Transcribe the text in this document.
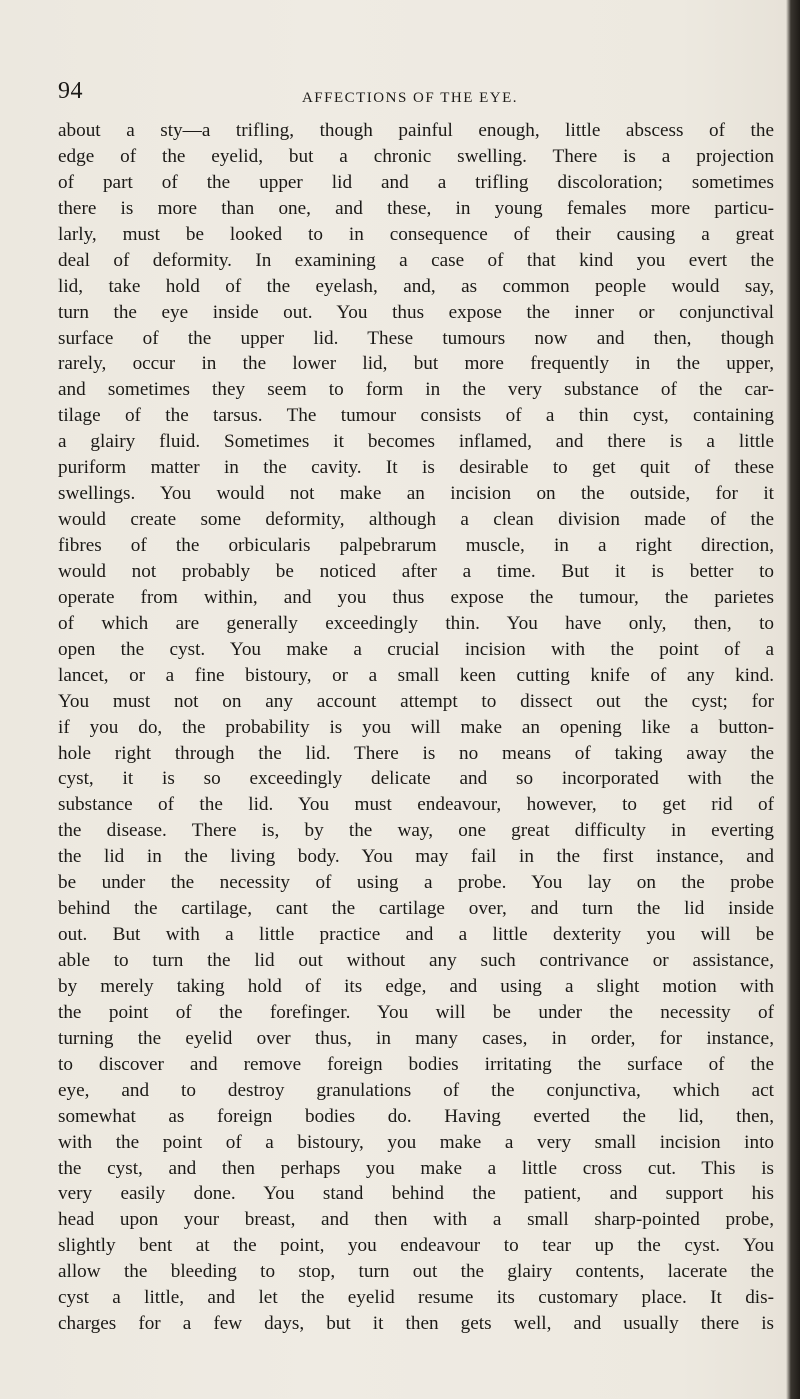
94	AFFECTIONS OF THE EYE.
about a sty—a trifling, though painful enough, little abscess of the
edge of the eyelid, but a chronic swelling. There is a projection
of part of the upper lid and a trifling discoloration; sometimes
there is more than one, and these, in young females more particu-
larly, must be looked to in consequence of their causing a great
deal of deformity. In examining a case of that kind you evert the
lid, take hold of the eyelash, and, as common people would say,
turn the eye inside out. You thus expose the inner or conjunctival
surface of the upper lid. These tumours now and then, though
rarely, occur in the lower lid, but more frequently in the upper,
and sometimes they seem to form in the very substance of the car-
tilage of the tarsus. The tumour consists of a thin cyst, containing
a glairy fluid. Sometimes it becomes inflamed, and there is a little
puriform matter in the cavity. It is desirable to get quit of these
swellings. You would not make an incision on the outside, for it
would create some deformity, although a clean division made of the
fibres of the orbicularis palpebrarum muscle, in a right direction,
would not probably be noticed after a time. But it is better to
operate from within, and you thus expose the tumour, the parietes
of which are generally exceedingly thin. You have only, then, to
open the cyst. You make a crucial incision with the point of a
lancet, or a fine bistoury, or a small keen cutting knife of any kind.
You must not on any account attempt to dissect out the cyst; for
if you do, the probability is you will make an opening like a button-
hole right through the lid. There is no means of taking away the
cyst, it is so exceedingly delicate and so incorporated with the
substance of the lid. You must endeavour, however, to get rid of
the disease. There is, by the way, one great difficulty in everting
the lid in the living body. You may fail in the first instance, and
be under the necessity of using a probe. You lay on the probe
behind the cartilage, cant the cartilage over, and turn the lid inside
out. But with a little practice and a little dexterity you will be
able to turn the lid out without any such contrivance or assistance,
by merely taking hold of its edge, and using a slight motion with
the point of the forefinger. You will be under the necessity of
turning the eyelid over thus, in many cases, in order, for instance,
to discover and remove foreign bodies irritating the surface of the
eye, and to destroy granulations of the conjunctiva, which act
somewhat as foreign bodies do. Having everted the lid, then,
with the point of a bistoury, you make a very small incision into
the cyst, and then perhaps you make a little cross cut. This is
very easily done. You stand behind the patient, and support his
head upon your breast, and then with a small sharp-pointed probe,
slightly bent at the point, you endeavour to tear up the cyst. You
allow the bleeding to stop, turn out the glairy contents, lacerate the
cyst a little, and let the eyelid resume its customary place. It dis-
charges for a few days, but it then gets well, and usually there is
